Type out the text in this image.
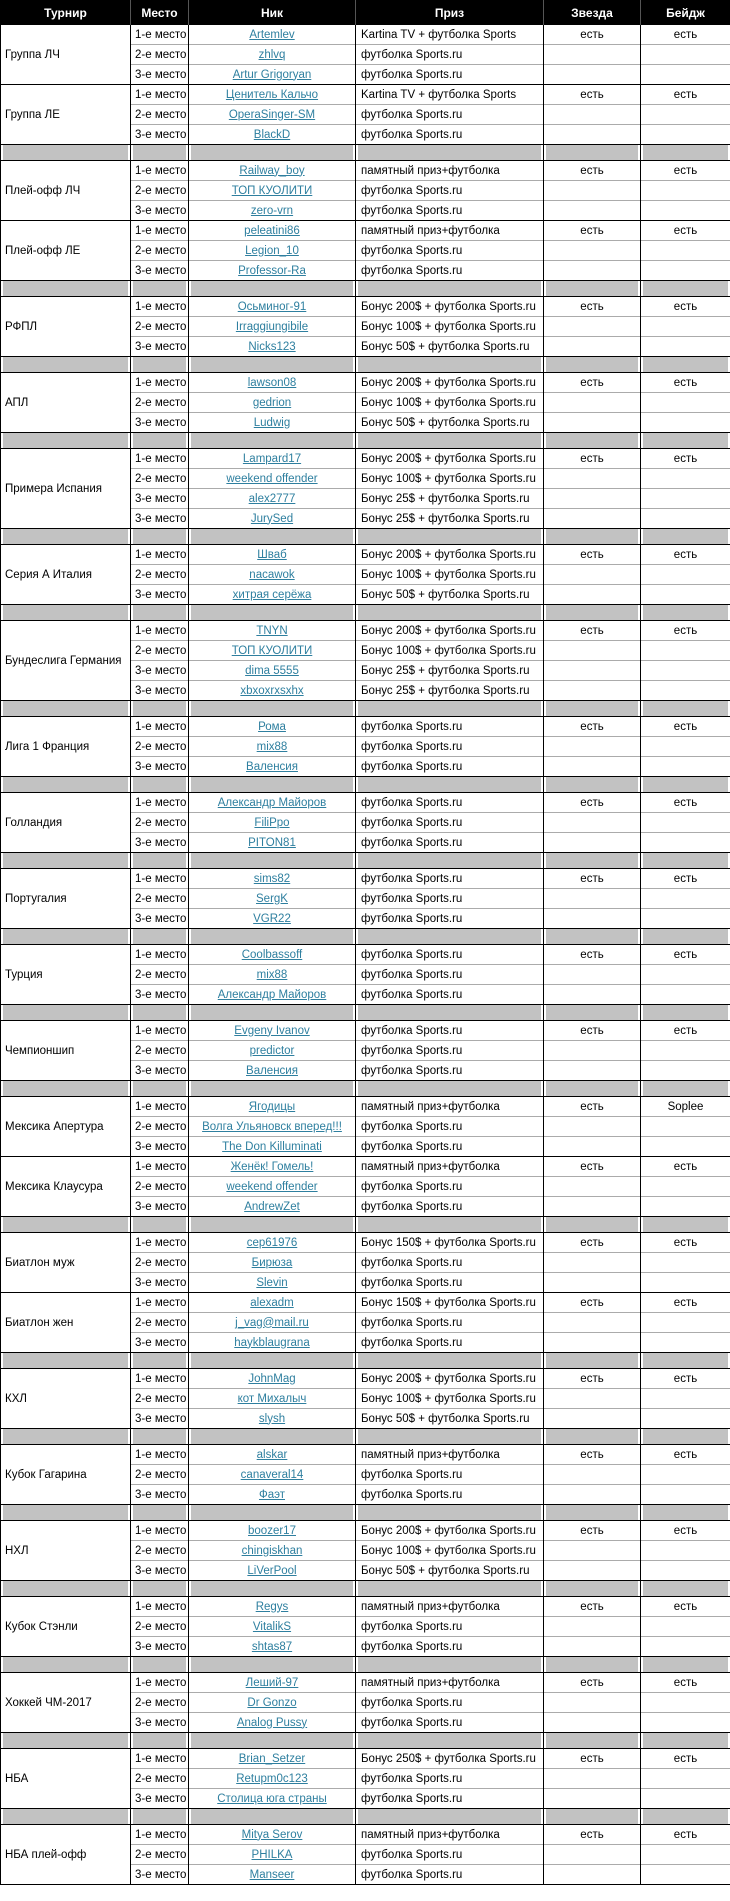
Турнир	Место	Ник	Приз	Звезда	Бейдж
Группа ЛЧ	1-е место	Artemlev	Kartina TV + футболка Sports	есть	есть
	2-е место	zhlvq	футболка Sports.ru		
	3-е место	Artur Grigoryan	футболка Sports.ru		
Группа ЛЕ	1-е место	Ценитель Кальчо	Kartina TV + футболка Sports	есть	есть
	2-е место	OperaSinger-SM	футболка Sports.ru		
	3-е место	BlackD	футболка Sports.ru		

Плей-офф ЛЧ	1-е место	Railway_boy	памятный приз+футболка	есть	есть
	2-е место	ТОП КУОЛИТИ	футболка Sports.ru		
	3-е место	zero-vrn	футболка Sports.ru		
Плей-офф ЛЕ	1-е место	peleatini86	памятный приз+футболка	есть	есть
	2-е место	Legion_10	футболка Sports.ru		
	3-е место	Professor-Ra	футболка Sports.ru		

РФПЛ	1-е место	Осьминог-91	Бонус 200$ + футболка Sports.ru	есть	есть
	2-е место	Irraggiungibile	Бонус 100$ + футболка Sports.ru		
	3-е место	Nicks123	Бонус 50$ + футболка Sports.ru		

АПЛ	1-е место	lawson08	Бонус 200$ + футболка Sports.ru	есть	есть
	2-е место	gedrion	Бонус 100$ + футболка Sports.ru		
	3-е место	Ludwig	Бонус 50$ + футболка Sports.ru		

Примера Испания	1-е место	Lampard17	Бонус 200$ + футболка Sports.ru	есть	есть
	2-е место	weekend offender	Бонус 100$ + футболка Sports.ru		
	3-е место	alex2777	Бонус 25$ + футболка Sports.ru		
	3-е место	JurySed	Бонус 25$ + футболка Sports.ru		

Серия А Италия	1-е место	Шваб	Бонус 200$ + футболка Sports.ru	есть	есть
	2-е место	nacawok	Бонус 100$ + футболка Sports.ru		
	3-е место	хитрая серёжа	Бонус 50$ + футболка Sports.ru		

Бундеслига Германия	1-е место	TNYN	Бонус 200$ + футболка Sports.ru	есть	есть
	2-е место	ТОП КУОЛИТИ	Бонус 100$ + футболка Sports.ru		
	3-е место	dima 5555	Бонус 25$ + футболка Sports.ru		
	3-е место	xbxoxrxsxhx	Бонус 25$ + футболка Sports.ru		

Лига 1 Франция	1-е место	Рома	футболка Sports.ru	есть	есть
	2-е место	mix88	футболка Sports.ru		
	3-е место	Валенсия	футболка Sports.ru		

Голландия	1-е место	Александр Майоров	футболка Sports.ru	есть	есть
	2-е место	FiliPpo	футболка Sports.ru		
	3-е место	PITON81	футболка Sports.ru		

Португалия	1-е место	sims82	футболка Sports.ru	есть	есть
	2-е место	SergK	футболка Sports.ru		
	3-е место	VGR22	футболка Sports.ru		

Турция	1-е место	Coolbassoff	футболка Sports.ru	есть	есть
	2-е место	mix88	футболка Sports.ru		
	3-е место	Александр Майоров	футболка Sports.ru		

Чемпионшип	1-е место	Evgeny Ivanov	футболка Sports.ru	есть	есть
	2-е место	predictor	футболка Sports.ru		
	3-е место	Валенсия	футболка Sports.ru		

Мексика Апертура	1-е место	Ягодицы	памятный приз+футболка	есть	Soplee
	2-е место	Волга Ульяновск вперед!!!	футболка Sports.ru		
	3-е место	The Don Killuminati	футболка Sports.ru		
Мексика Клаусура	1-е место	Женёк! Гомель!	памятный приз+футболка	есть	есть
	2-е место	weekend offender	футболка Sports.ru		
	3-е место	AndrewZet	футболка Sports.ru		

Биатлон муж	1-е место	сер61976	Бонус 150$ + футболка Sports.ru	есть	есть
	2-е место	Бирюза	футболка Sports.ru		
	3-е место	Slevin	футболка Sports.ru		
Биатлон жен	1-е место	alexadm	Бонус 150$ + футболка Sports.ru	есть	есть
	2-е место	j_vag@mail.ru	футболка Sports.ru		
	3-е место	haykblaugrana	футболка Sports.ru		

КХЛ	1-е место	JohnMag	Бонус 200$ + футболка Sports.ru	есть	есть
	2-е место	кот Михалыч	Бонус 100$ + футболка Sports.ru		
	3-е место	slysh	Бонус 50$ + футболка Sports.ru		

Кубок Гагарина	1-е место	alskar	памятный приз+футболка	есть	есть
	2-е место	canaveral14	футболка Sports.ru		
	3-е место	Фаэт	футболка Sports.ru		

НХЛ	1-е место	boozer17	Бонус 200$ + футболка Sports.ru	есть	есть
	2-е место	chingiskhan	Бонус 100$ + футболка Sports.ru		
	3-е место	LiVerPool	Бонус 50$ + футболка Sports.ru		

Кубок Стэнли	1-е место	Regys	памятный приз+футболка	есть	есть
	2-е место	VitalikS	футболка Sports.ru		
	3-е место	shtas87	футболка Sports.ru		

Хоккей ЧМ-2017	1-е место	Леший-97	памятный приз+футболка	есть	есть
	2-е место	Dr Gonzo	футболка Sports.ru		
	3-е место	Analog Pussy	футболка Sports.ru		

НБА	1-е место	Brian_Setzer	Бонус 250$ + футболка Sports.ru	есть	есть
	2-е место	Retupm0c123	футболка Sports.ru		
	3-е место	Столица юга страны	футболка Sports.ru		

НБА плей-офф	1-е место	Mitya Serov	памятный приз+футболка	есть	есть
	2-е место	PHILKA	футболка Sports.ru		
	3-е место	Manseer	футболка Sports.ru		
